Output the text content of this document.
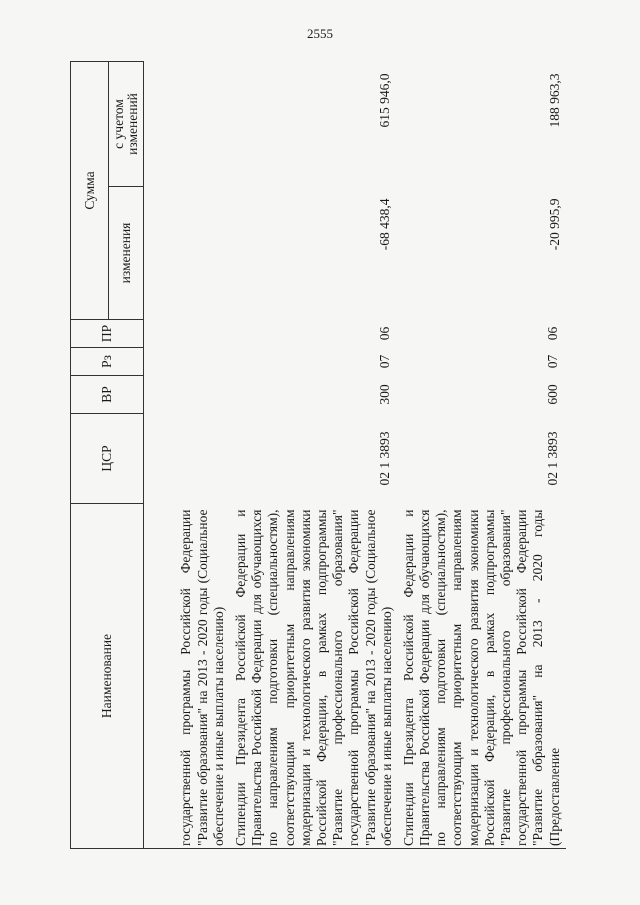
2555
Наименование	ЦСР	ВР	Рз	ПР	Сумма	
					изменения	с учетом
изменений
государственной программы Российской Федерации "Развитие образования" на 2013 - 2020 годы (Социальное обеспечение и иные выплаты населению)						
Стипендии Президента Российской Федерации и Правительства Российской Федерации для обучающихся по направлениям подготовки (специальностям), соответствующим приоритетным направлениям модернизации и технологического развития экономики Российской Федерации, в рамках подпрограммы "Развитие профессионального образования" государственной программы Российской Федерации "Развитие образования" на 2013 - 2020 годы (Социальное обеспечение и иные выплаты населению)	02 1 3893	300	07	06	-68 438,4	615 946,0
Стипендии Президента Российской Федерации и Правительства Российской Федерации для обучающихся по направлениям подготовки (специальностям), соответствующим приоритетным направлениям модернизации и технологического развития экономики Российской Федерации, в рамках подпрограммы "Развитие профессионального образования" государственной программы Российской Федерации "Развитие образования" на 2013 - 2020 годы (Предоставление	02 1 3893	600	07	06	-20 995,9	188 963,3
